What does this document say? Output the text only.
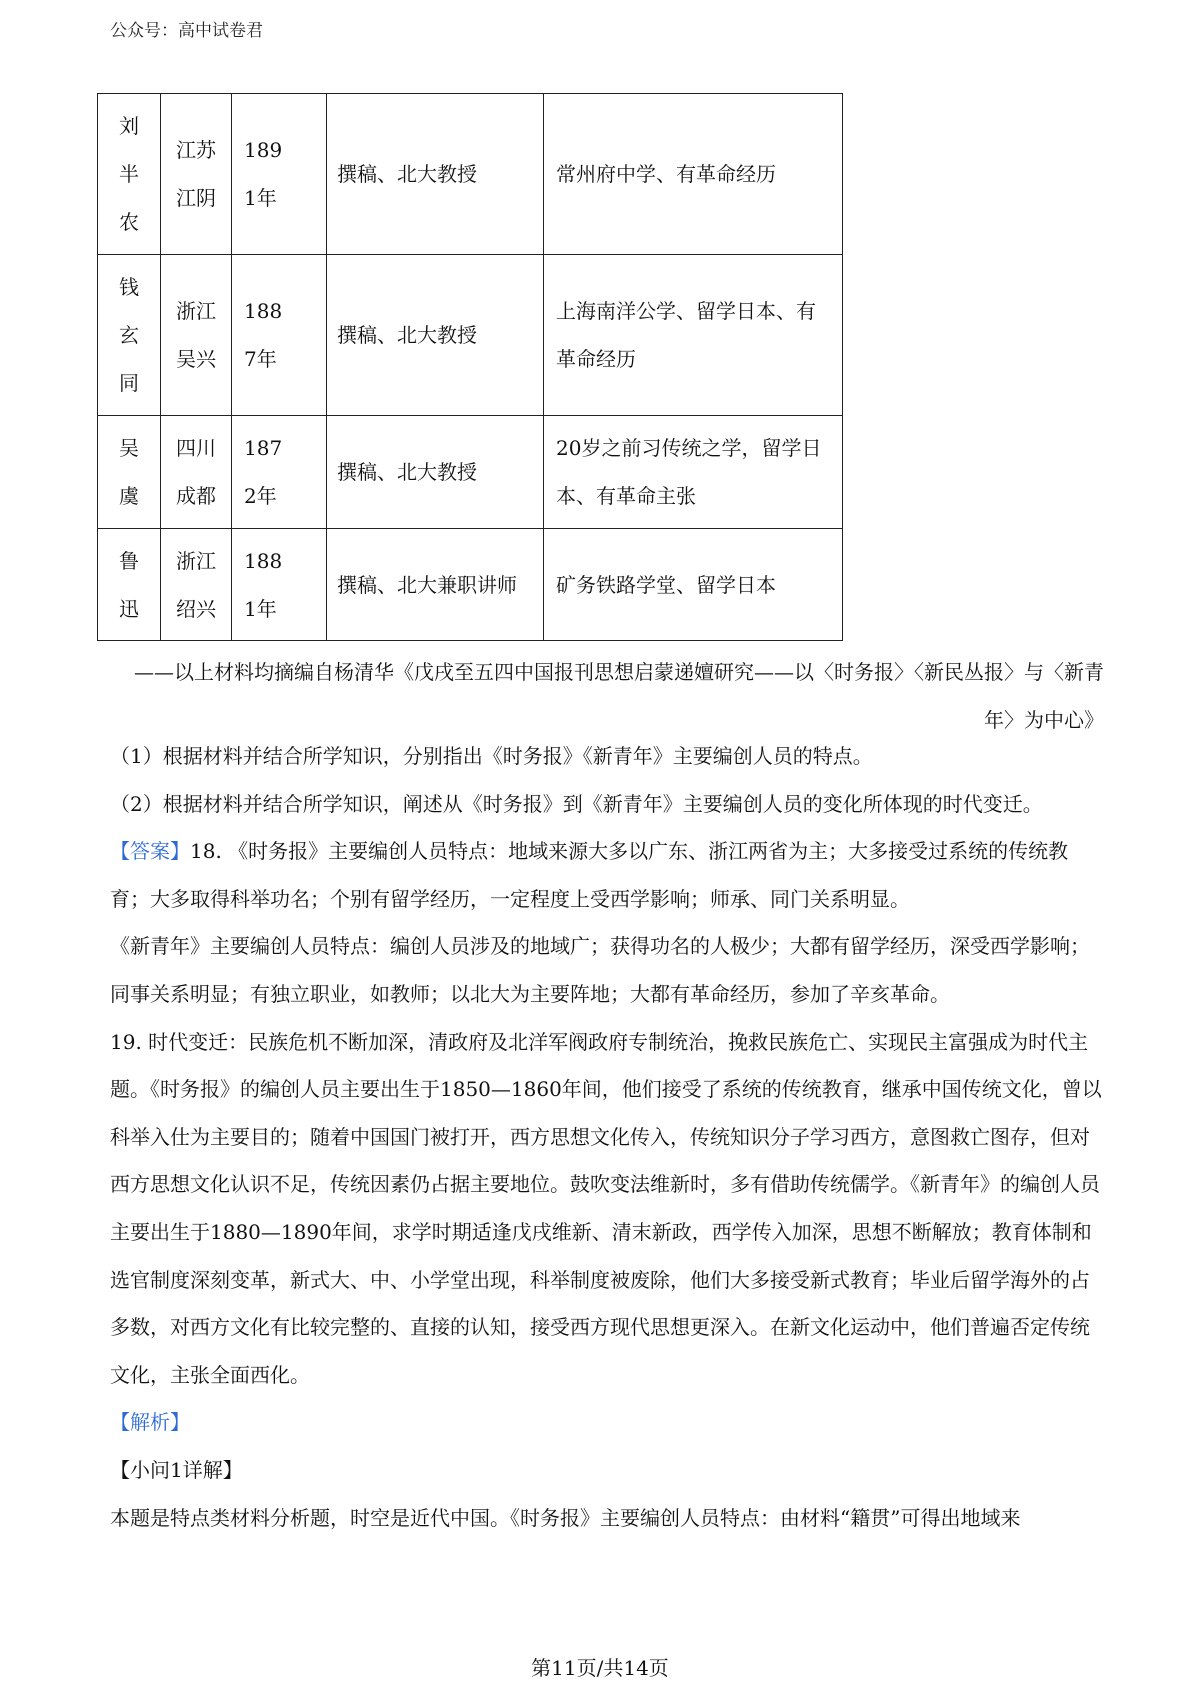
公众号：高中试卷君
刘半农	江苏江阴	1891年	撰稿、北大教授	常州府中学、有革命经历
钱玄同	浙江吴兴	1887年	撰稿、北大教授	上海南洋公学、留学日本、有革命经历
吴虞	四川成都	1872年	撰稿、北大教授	20岁之前习传统之学，留学日本、有革命主张
鲁迅	浙江绍兴	1881年	撰稿、北大兼职讲师	矿务铁路学堂、留学日本
——以上材料均摘编自杨清华《戊戌至五四中国报刊思想启蒙递嬗研究——以〈时务报〉〈新民丛报〉与〈新青年〉为中心》

（1）根据材料并结合所学知识，分别指出《时务报》《新青年》主要编创人员的特点。

（2）根据材料并结合所学知识，阐述从《时务报》到《新青年》主要编创人员的变化所体现的时代变迁。

【答案】18. 《时务报》主要编创人员特点：地域来源大多以广东、浙江两省为主；大多接受过系统的传统教育；大多取得科举功名；个别有留学经历，一定程度上受西学影响；师承、同门关系明显。

《新青年》主要编创人员特点：编创人员涉及的地域广；获得功名的人极少；大都有留学经历，深受西学影响；同事关系明显；有独立职业，如教师；以北大为主要阵地；大都有革命经历，参加了辛亥革命。

19. 时代变迁：民族危机不断加深，清政府及北洋军阀政府专制统治，挽救民族危亡、实现民主富强成为时代主题。《时务报》的编创人员主要出生于1850—1860年间，他们接受了系统的传统教育，继承中国传统文化，曾以科举入仕为主要目的；随着中国国门被打开，西方思想文化传入，传统知识分子学习西方，意图救亡图存，但对西方思想文化认识不足，传统因素仍占据主要地位。鼓吹变法维新时，多有借助传统儒学。《新青年》的编创人员主要出生于1880—1890年间，求学时期适逢戊戌维新、清末新政，西学传入加深，思想不断解放；教育体制和选官制度深刻变革，新式大、中、小学堂出现，科举制度被废除，他们大多接受新式教育；毕业后留学海外的占多数，对西方文化有比较完整的、直接的认知，接受西方现代思想更深入。在新文化运动中，他们普遍否定传统文化，主张全面西化。

【解析】

【小问1详解】

本题是特点类材料分析题，时空是近代中国。《时务报》主要编创人员特点：由材料“籍贯”可得出地域来

第11页/共14页
